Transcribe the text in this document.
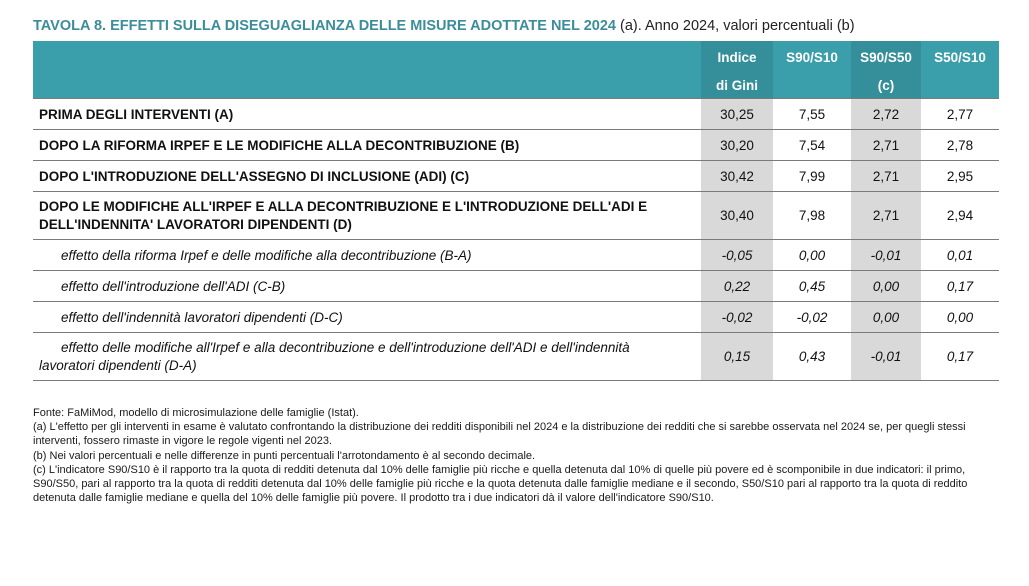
TAVOLA 8. EFFETTI SULLA DISEGUAGLIANZA DELLE MISURE ADOTTATE NEL 2024 (a). Anno 2024, valori percentuali (b)

	Indice	S90/S10	S90/S50	S50/S10
	di Gini		(c)	
PRIMA DEGLI INTERVENTI (A)	30,25	7,55	2,72	2,77
DOPO LA RIFORMA IRPEF E LE MODIFICHE ALLA DECONTRIBUZIONE (B)	30,20	7,54	2,71	2,78
DOPO L'INTRODUZIONE DELL'ASSEGNO DI INCLUSIONE (ADI) (C)	30,42	7,99	2,71	2,95
DOPO LE MODIFICHE ALL'IRPEF E ALLA DECONTRIBUZIONE E L'INTRODUZIONE DELL'ADI E DELL'INDENNITA' LAVORATORI DIPENDENTI (D)	30,40	7,98	2,71	2,94
effetto della riforma Irpef e delle modifiche alla decontribuzione (B-A)	-0,05	0,00	-0,01	0,01
effetto dell'introduzione dell'ADI (C-B)	0,22	0,45	0,00	0,17
effetto dell'indennità lavoratori dipendenti (D-C)	-0,02	-0,02	0,00	0,00
effetto delle modifiche all'Irpef e alla decontribuzione e dell'introduzione dell'ADI e dell'indennità
lavoratori dipendenti (D-A)	0,15	0,43	-0,01	0,17

Fonte: FaMiMod, modello di microsimulazione delle famiglie (Istat).

(a) L'effetto per gli interventi in esame è valutato confrontando la distribuzione dei redditi disponibili nel 2024 e la distribuzione dei redditi che si sarebbe osservata nel 2024 se, per quegli stessi interventi, fossero rimaste in vigore le regole vigenti nel 2023.

(b) Nei valori percentuali e nelle differenze in punti percentuali l'arrotondamento è al secondo decimale.

(c) L'indicatore S90/S10 è il rapporto tra la quota di redditi detenuta dal 10% delle famiglie più ricche e quella detenuta dal 10% di quelle più povere ed è scomponibile in due indicatori: il primo, S90/S50, pari al rapporto tra la quota di redditi detenuta dal 10% delle famiglie più ricche e la quota detenuta dalle famiglie mediane e il secondo, S50/S10 pari al rapporto tra la quota di reddito detenuta dalle famiglie mediane e quella del 10% delle famiglie più povere. Il prodotto tra i due indicatori dà il valore dell'indicatore S90/S10.
